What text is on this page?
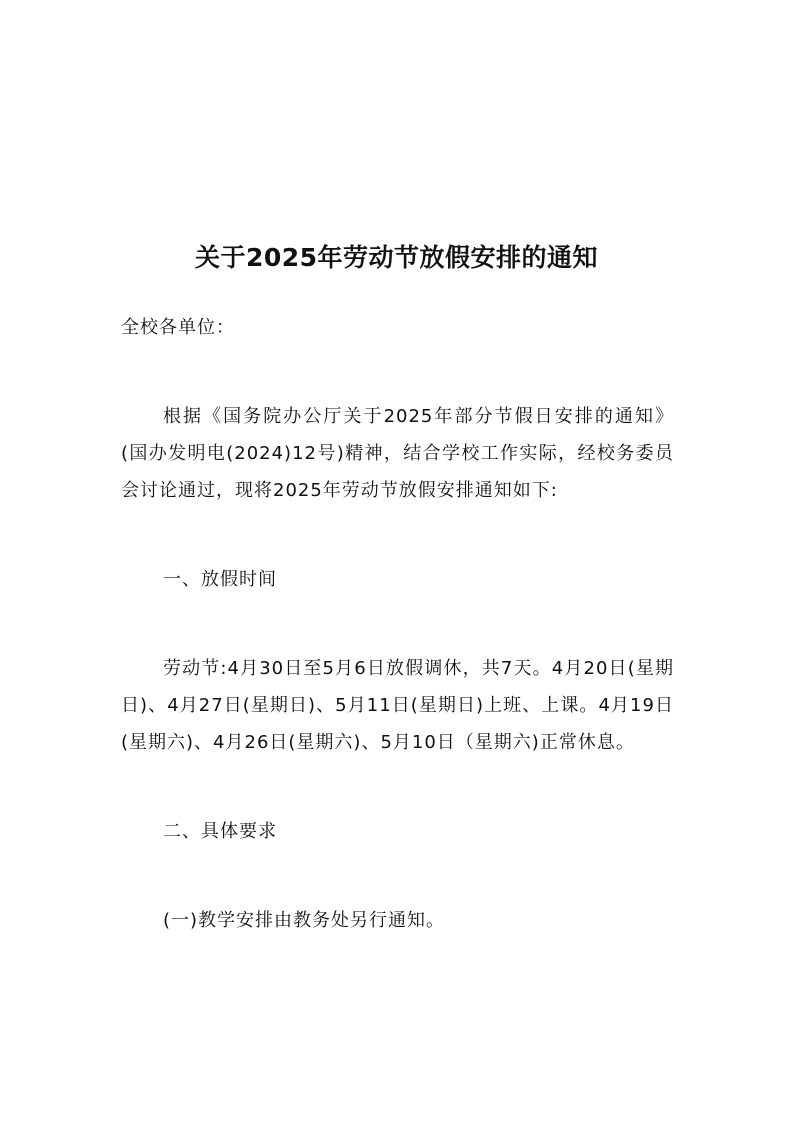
关于2025年劳动节放假安排的通知

全校各单位：

根据《国务院办公厅关于2025年部分节假日安排的通知》(国办发明电(2024)12号)精神，结合学校工作实际，经校务委员会讨论通过，现将2025年劳动节放假安排通知如下:

一、放假时间

劳动节:4月30日至5月6日放假调休，共7天。4月20日(星期日)、4月27日(星期日)、5月11日(星期日)上班、上课。4月19日(星期六)、4月26日(星期六)、5月10日（星期六)正常休息。

二、具体要求

(一)教学安排由教务处另行通知。
